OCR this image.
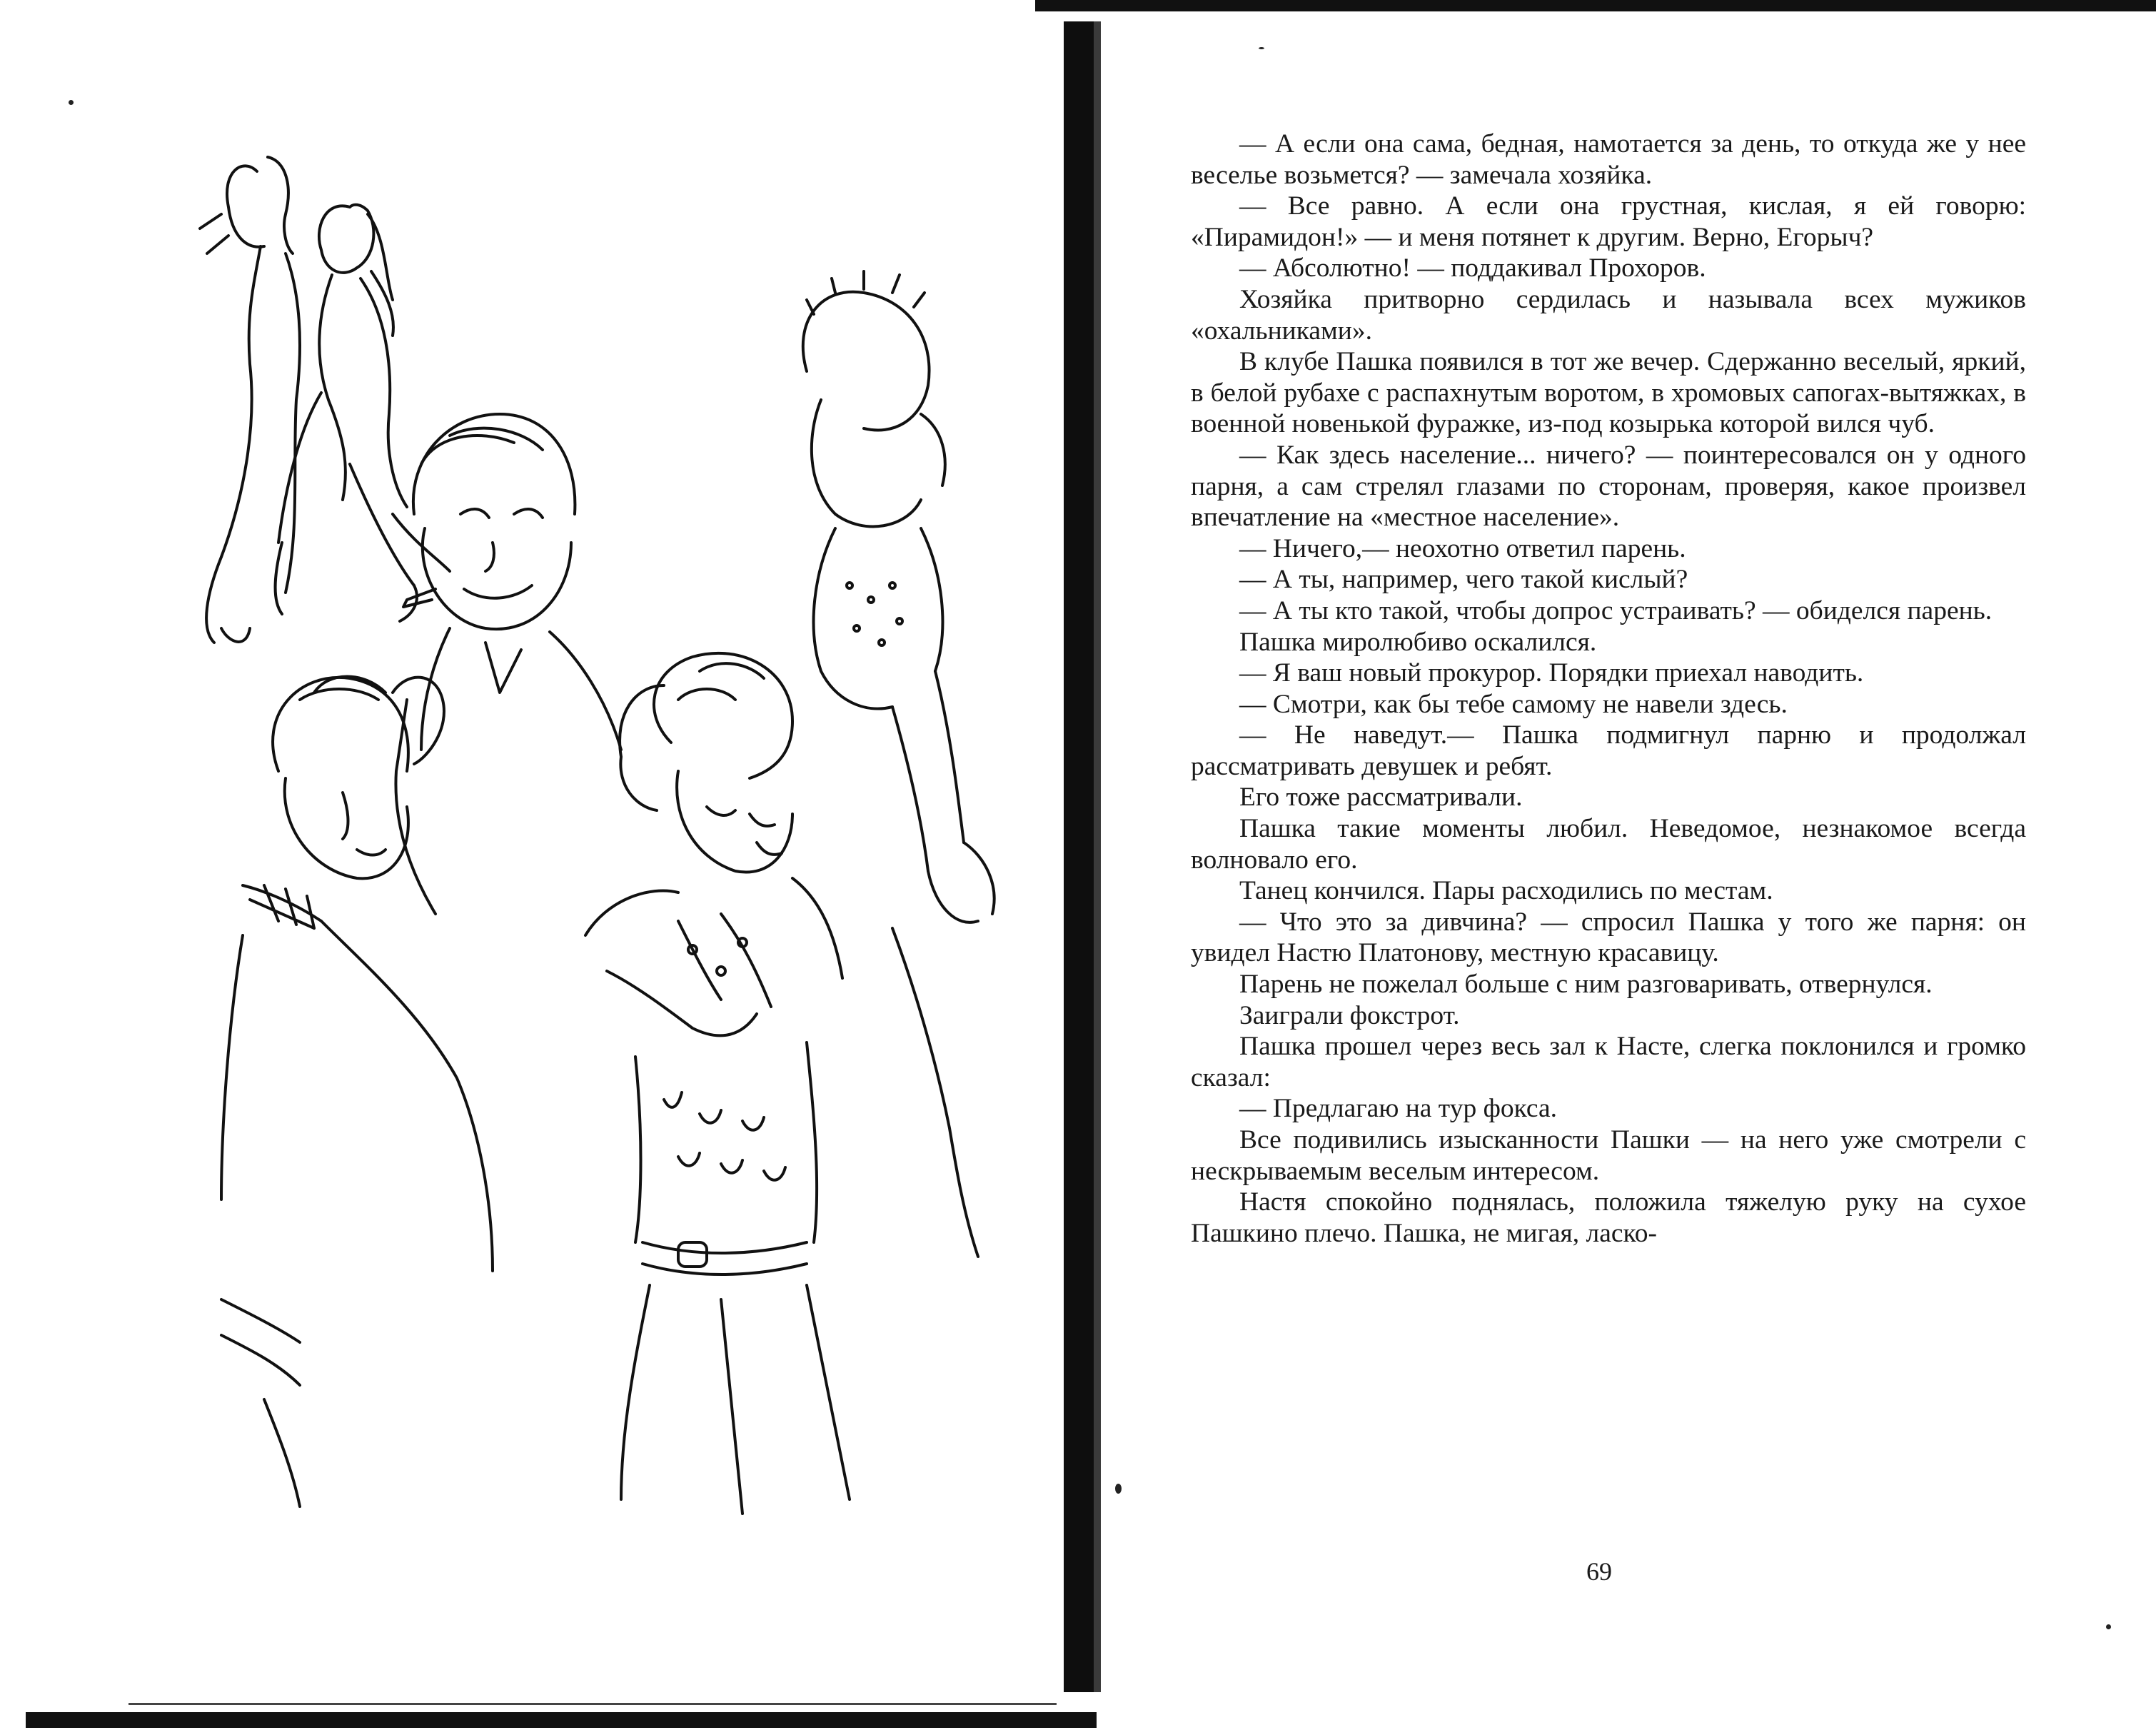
— А если она сама, бедная, намотается за день, то откуда же у нее веселье возьмется? — замечала хозяйка.

— Все равно. А если она грустная, кислая, я ей говорю: «Пирамидон!» — и меня потянет к другим. Верно, Егорыч?

— Абсолютно! — поддакивал Прохоров.

Хозяйка притворно сердилась и называла всех мужиков «охальниками».

В клубе Пашка появился в тот же вечер. Сдержанно веселый, яркий, в белой рубахе с распахнутым воротом, в хромовых сапогах-вытяжках, в военной новенькой фуражке, из-под козырька которой вился чуб.

— Как здесь население... ничего? — поинтересовался он у одного парня, а сам стрелял глазами по сторонам, проверяя, какое произвел впечатление на «местное население».

— Ничего,— неохотно ответил парень.

— А ты, например, чего такой кислый?

— А ты кто такой, чтобы допрос устраивать? — обиделся парень.

Пашка миролюбиво оскалился.

— Я ваш новый прокурор. Порядки приехал наводить.

— Смотри, как бы тебе самому не навели здесь.

— Не наведут.— Пашка подмигнул парню и продолжал рассматривать девушек и ребят.

Его тоже рассматривали.

Пашка такие моменты любил. Неведомое, незнакомое всегда волновало его.

Танец кончился. Пары расходились по местам.

— Что это за дивчина? — спросил Пашка у того же парня: он увидел Настю Платонову, местную красавицу.

Парень не пожелал больше с ним разговаривать, отвернулся.

Заиграли фокстрот.

Пашка прошел через весь зал к Насте, слегка поклонился и громко сказал:

— Предлагаю на тур фокса.

Все подивились изысканности Пашки — на него уже смотрели с нескрываемым веселым интересом.

Настя спокойно поднялась, положила тяжелую руку на сухое Пашкино плечо. Пашка, не мигая, ласко-

69
